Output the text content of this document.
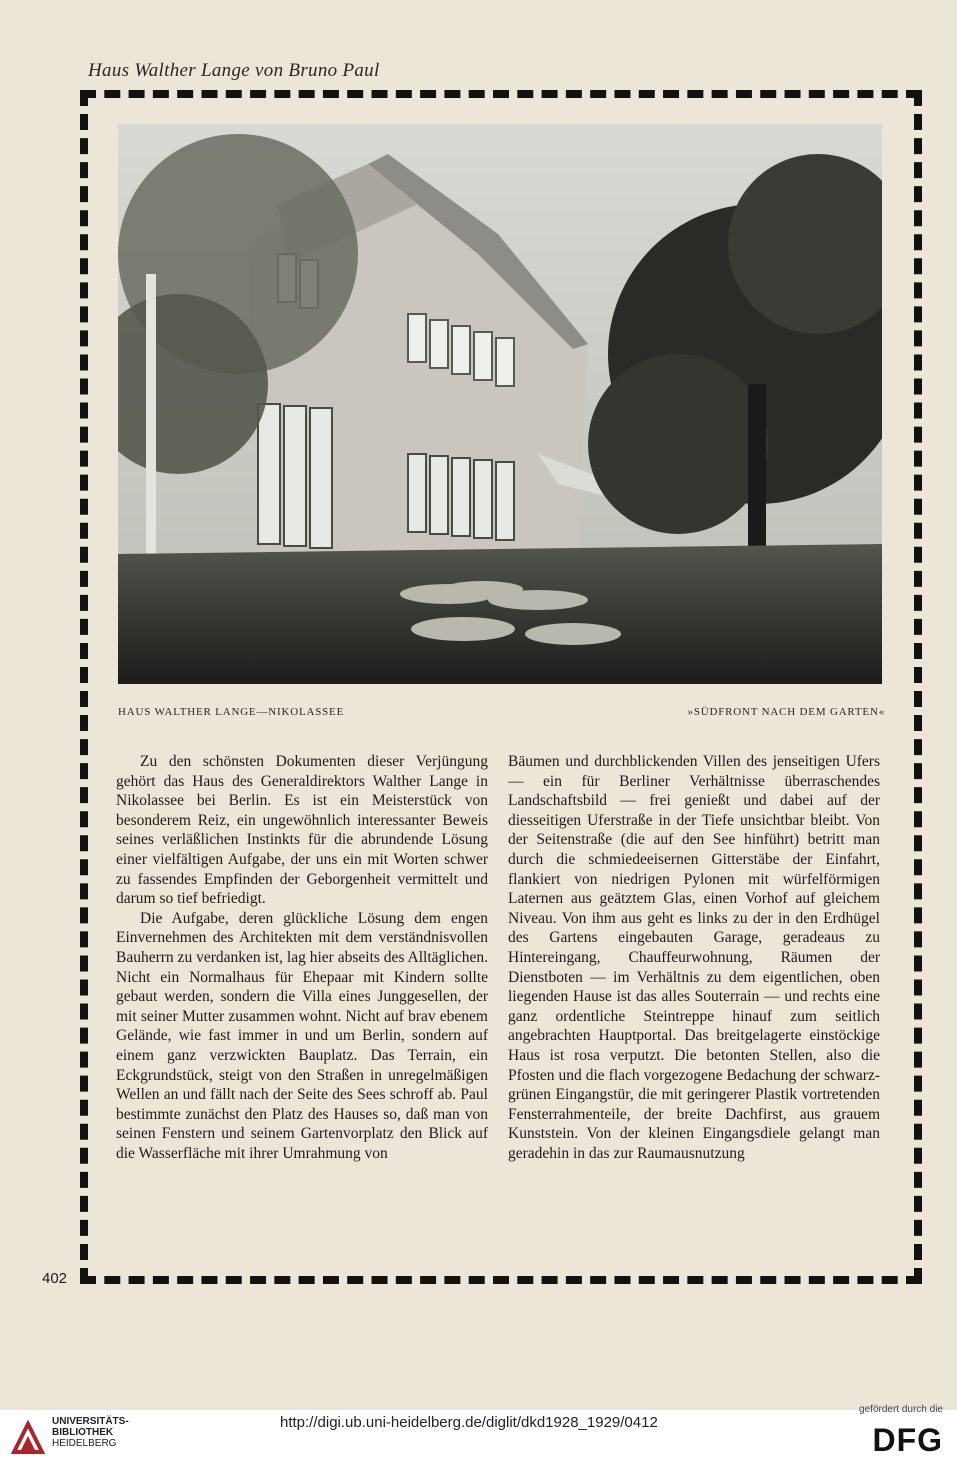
Haus Walther Lange von Bruno Paul
HAUS WALTHER LANGE—NIKOLASSEE	»SÜDFRONT NACH DEM GARTEN«

Zu den schönsten Dokumenten dieser Verjüngung gehört das Haus des Generaldirektors Walther Lange in Nikolassee bei Berlin. Es ist ein Meisterstück von besonderem Reiz, ein ungewöhnlich interessanter Beweis seines verläßlichen Instinkts für die abrundende Lösung einer vielfältigen Aufgabe, der uns ein mit Worten schwer zu fassendes Empfinden der Geborgenheit vermittelt und darum so tief befriedigt.

Die Aufgabe, deren glückliche Lösung dem engen Einvernehmen des Architekten mit dem verständnisvollen Bauherrn zu verdanken ist, lag hier abseits des Alltäglichen. Nicht ein Normalhaus für Ehepaar mit Kindern sollte gebaut werden, sondern die Villa eines Junggesellen, der mit seiner Mutter zusammen wohnt. Nicht auf brav ebenem Gelände, wie fast immer in und um Berlin, sondern auf einem ganz verzwickten Bauplatz. Das Terrain, ein Eckgrundstück, steigt von den Straßen in unregelmäßigen Wellen an und fällt nach der Seite des Sees schroff ab. Paul bestimmte zunächst den Platz des Hauses so, daß man von seinen Fenstern und seinem Gartenvorplatz den Blick auf die Wasserfläche mit ihrer Umrahmung von

Bäumen und durchblickenden Villen des jenseitigen Ufers — ein für Berliner Verhältnisse überraschendes Landschaftsbild — frei genießt und dabei auf der diesseitigen Uferstraße in der Tiefe unsichtbar bleibt. Von der Seitenstraße (die auf den See hinführt) betritt man durch die schmiedeeisernen Gitterstäbe der Einfahrt, flankiert von niedrigen Pylonen mit würfelförmigen Laternen aus geätztem Glas, einen Vorhof auf gleichem Niveau. Von ihm aus geht es links zu der in den Erdhügel des Gartens eingebauten Garage, geradeaus zu Hintereingang, Chauffeurwohnung, Räumen der Dienstboten — im Verhältnis zu dem eigentlichen, oben liegenden Hause ist das alles Souterrain — und rechts eine ganz ordentliche Steintreppe hinauf zum seitlich angebrachten Hauptportal. Das breitgelagerte einstöckige Haus ist rosa verputzt. Die betonten Stellen, also die Pfosten und die flach vorgezogene Bedachung der schwarz-grünen Eingangstür, die mit geringerer Plastik vortretenden Fensterrahmenteile, der breite Dachfirst, aus grauem Kunststein. Von der kleinen Eingangsdiele gelangt man geradehin in das zur Raumausnutzung

402
UNIVERSITÄTS-
BIBLIOTHEK
HEIDELBERG
http://digi.ub.uni-heidelberg.de/diglit/dkd1928_1929/0412
gefördert durch die
DFG
